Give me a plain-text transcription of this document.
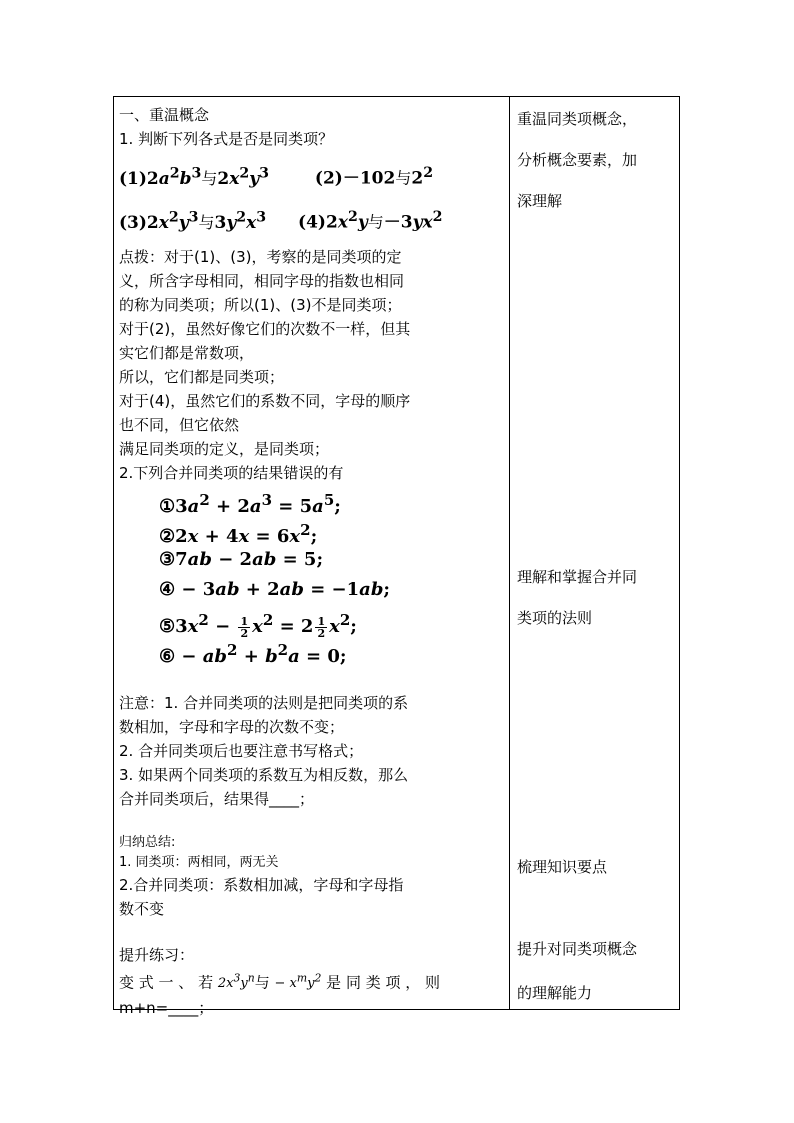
一、重温概念
1. 判断下列各式是否是同类项？
$(1)2a^2b^3$与$2x^2y^3$	(2)－102与$2^2$
$(3)2x^2y^3$与$3y^2x^3$ $(4)2x^2y$与$-3yx^2$
点拨：对于(1)、(3)，考察的是同类项的定
义，所含字母相同，相同字母的指数也相同
的称为同类项；所以(1)、(3)不是同类项；
对于(2)，虽然好像它们的次数不一样，但其
实它们都是常数项，
所以，它们都是同类项；
对于(4)，虽然它们的系数不同，字母的顺序
也不同，但它依然
满足同类项的定义，是同类项；
2.下列合并同类项的结果错误的有
$①3a^2 + 2a^3 = 5a^5$;
②2x + $4x = 6x^2$;
③7ab − 2ab = 5;
④ − 3ab + 2ab = −1ab;
$⑤3x^2 - \frac{1}{2} x^2 = 2 \frac{1}{2} x^2$;
⑥ − $ab^2 + b^2a = 0$;
注意：1. 合并同类项的法则是把同类项的系
数相加，字母和字母的次数不变；
2. 合并同类项后也要注意书写格式；
3. 如果两个同类项的系数互为相反数，那么
合并同类项后，结果得____；
归纳总结:
1. 同类项：两相同，两无关
2.合并同类项：系数相加减，字母和字母指
数不变
提升练习：
变 式 一 、 若 $2x^3y^n$与 − $x^my^2$ 是 同 类 项 ， 则
m+n=____；
重温同类项概念，
分析概念要素，加
深理解
理解和掌握合并同
类项的法则
梳理知识要点
提升对同类项概念
的理解能力
